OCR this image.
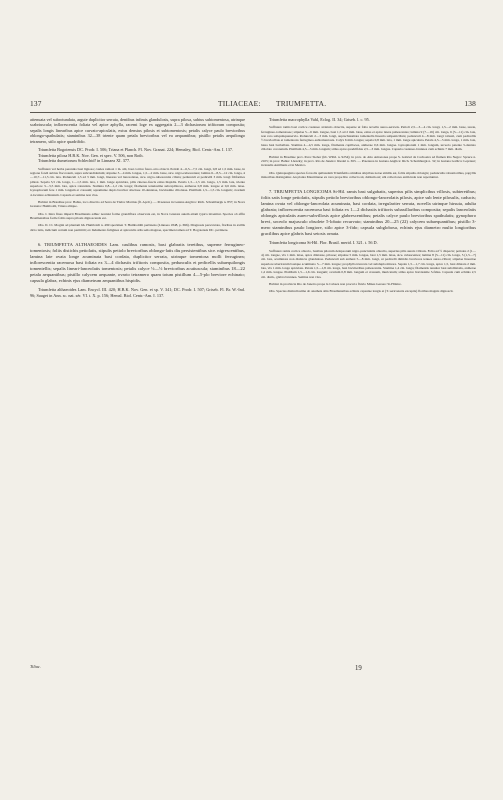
137	TILIACEAE: TRIUMFETTA.	138

attenuata vel subrotundata, argute duplicitor serrata, dentibus infimis glandulosis, supra pilosa, subtus subtomentosa, utrinque scabriuscula; inflorescentia foliata vel apice aphylla, racemi loge ex aggregatis 2—3 dichasiorum trifitorum composita; sepalis longis linearibus apice curvato-apiculatis, extus densius pilosis et subtomentosis; petalis calyce paulo brevioribus oblongo-spathulatis; staminibus 32—38 triente quam petala brevioribus vel ea aequantibus; pistillo petalis aequilongo tetramero, stilo apice quadrifido.

Triumfetta Bogotensis DC. Prodr. I. 506; Triana et Planch. Fl. Nov. Granat. 224; Hemsley, Biol. Centr.-Am. I. 137.

Triumfetta pilosa H.B.K. Nov. Gen. et spec. V. 506, non Roth.

Triumfetta dumetorum Schlechtd! in Linnaea XI. 377.

Suffrutex vel herba perennis basi lignosa; caules ramosi 1 m. alti, basi cortice fusco-atro obtecti. Petioli 4—6,5—7,5 cm. longi, 0,8 ad 1,5 mm. latae, in regione foreli subtus floccosum, supra subcandidarium; stipulae 3—4 mm. longae, 1,5—2 mm. latae, sice. nigro-rubescentes; lamina 6—8,5—12 cm. longa, 4—10,7—11,5 cm. lata. Pedunculi 1,5 ad 3 mm. longi, lineares vel lanceolatae, sice. nigro-rubescentia ciliata; pedunculi et pedicelli 3 mm. longi filiformes piliosi. Sepala 3,5 cm. longa, 1—1,5 mm. lata, 1 mm. longe apiculata, pilis cinereo-fuscis extus hispidis. Petala 1,3—1,5 cm. longa, 1,5 mm. lata, triente superiore 3—3,5 mm. lata, apice rotundata. Stamina 0,8—1,2 cm. longa; filamenta tenuissima subcapillacea, antherae 0,8 mm. longae et 0,6 mm. latae. Gynophorum fere 1 mm. longum et crassum; squamulae duplo breviter abscisae 10-dentatae, brevissime ciliolatae. Pistillum 1,3—1,5 cm. longum; ovarium 4-loculare echinatum. Capsula et semina non visa.

Habitat in Brasiliae prov. Bahia, loco directio ad Serra de Tiuba: Martius (fl. April.). — Praeterea in Guiana Anglica: Rich. Schomburgk n. 857; in Nova Granata: Humboldt, Triana aliique.

Obs. I. Intra fines imperii Brasiliensis adhuc nonnisi forma grandiflora observata est, in Nova Granata autem etiam typica invenitur. Species ob affin Brasiliensibus facile foliis supra pilosis dignoscenda est.

Obs. II. Cl. Mogini ad plantam hh. Humboldt n. 499 specimen T. Humboldtii pertinens (Linnaea 1848, p. 696). Diagnosis perscrutata, floribus in axillis dicto latis, indicium certum non permittit; ex Indumento fuliginea et spiraculis atlis setis magnae, specimen tamen ad T. Bogotensis DC. pertinere.

6. TRIUMFETTA ALTHAEOIDES Lam. caulibus ramosis, basi glabratis teretibus, superne ferrugineo-tomentosis; foliis distichis petiolatis, stipulis petiolo brevioribus oblongo-latis diu persistentibus sice. nigrescentibus, lamina late ovata longe acuminata basi cordata, duplicitor serrata, utrinque tomentosa molli ferruginea; inflorescentia racemosa basi foliata ex 3—4 dichasiis trifitoris composita, pedunculis et pedicellis subaequilongis tomentellis; sepalis lineari-lanceolatis tomentosis; petalis calyce ½—⅓ brevioribus acutiuscula; staminibus 18—22 petala aequantibus; pistillo calycem aequante, ovario tetramero quam totum pistillum 4—5-plo breviore echinato; capsula glabra, echinis ejus diametrum aequantibus hispidis.

Triumfetta althaeoides Lam. Encycl. III. 420; H.B.K. Nov. Gen. et sp. V. 341; DC. Prodr. I. 507; Griseb. Fl. Br. W.-Ind. 96; Sauget in Ann. sc. nat. sér. VI. t. X. p. 156; Hemsl. Biol. Centr.-Am. I. 137.

Triumfetta macrophylla Vahl, Eclog. II. 34; Griseb. l. c. 95.

Suffrutex ramis basi cortice castaneo striatulo obtectis, superne ut folia novella aureo-sericeis. Petioli 2,5—3—4 cm. longi, 1,5—2 mm. latae, terete, ferrugineo-tomentosae; stipulae 5—6 mm. longae, basi 1,5 ad 2 mm. latae, extus et apice latere pubescentes; lamina 9 (7—16) cm. longa, 6 (5—11) cm. lata, non raro subquinquenervia. Pedunculi 2—3 mm. longi, suprachiasmata tomentella linearia subpenicillata; pedunculi 4—8 mm. longi robusti, cum pedicellis ½ brevioribus et tomentosis ferrugineo-subtomentosis. Calyx 6 mm. longus; sepala 0,8 mm. lata, 1 mm. longe apiculata. Petala 4,5—5 mm. longa, 1 mm. lata, lutea basi barbellata. Stamina 4—4,5 mm. longa, filamenta capillacea, antherae 0,6 mm. longae. Gynophorum 1 mm. longum, urceolo patente 5-dentato ciliolato coronatum. Pistillum 4,5—5 mm. longum; stilus apice quadrifidus 2,5—3 mm. longus. Capsula castaneo-brunnea cum echinis 7 mm. diam.

Habitat in Brasiliae prov. Para: Sieber (hb. Willd. n. 9254); in prov. do Alto Amazonas prope S. Gabriel da Cachoeira ad flumen Rio Negro: Spruce n. 2105; in prov. Bahia: Lhotzky; in prov. Rio de Janeiro: Riedel n. 363. — Praeterea in Guiana Anglica: Rich. Schomburgk n. 32; in Guiana Gallica: Leprieur; in insulis Antillanis et in Mexico.

Obs. Quinquaginta species foveolis quibusdam Triumfettis omnibus stirpibus notae similis est, foliis stipulis oblongis; pedunculis robustioribus, papyllis minoribus distinguitur. An planta Mauritianae ex vera prope Rio collecta sit, dubium est; ubi collectores enim inde non reperiuntur.

7. TRIUMFETTA LONGICOMA St-Hil. ramis basi sulgabatis, superius pilis simplicibus villosis, subteretibus; foliis satis longe petiolatis, stipulis petiolo brevioribus oblongo-lanceolatis pilosis, apice sub lente pilosulis, caducis; lamina ovata vel oblongo-lanceolata acuminata, basi cordata, irregulariter serrata, novella utrinque hirsuta, adulta glabrata; inflorescentia racemosa basi foliata ex 1—2 dichasiis trifitoris subaxillaribus composita; sepalis lanceolatis oblongis apiculatis aureo-subvillosis apice glabrescentibus; petalis calyce paulo brevioribus spathulatis; gynophoro brevi, urceolo majusculo obsolete 5-lobato recurvato; staminibus 20—25 (22) calycem subaequantibus; pistillo 3-mero staminibus paulo longiore, stilo apice 3-fido; capsula subglobosa, echinis ejus diametro multo longioribus gracilibus apice glabris basi setosis ornata.

Triumfetta longicoma St-Hil. Flor. Brasil. merid. I. 321. t. 56 D.

Suffrutex ramis cortice obtecto, basibus pilorum delapsorum nigro-punctulatis obtectis, superius pilis aureis villosis. Folia ad ½ dispecta; petioles 2 (1—4) cm. longae, vix 1 mm. latae, apice dilatatae, pilosae; stipulae 5 mm. longae, basi 1,5 mm. latae, sice. rubescentes; lamina 8 (5—11) cm. longa, 5 (1,5—7) cm. lata, acuminata non distincte glandulosa. Pedunculi sub anthesi 5—8 mm. longi, ut pedicelli dimidio breviores tenues aureo-villosi; stipulae lineariae superiore ubertrarum basique acuminato 5—7 mm. longae; prophylla truncata vel subdupla minora. Sepala 1,5—1,7 cm. longa, apice 1,5, basi dilatata 2 mm. lata, vix 1 mm. longe apiculata. Petala 1,5—1,8 cm. longa, basi breviteribus pubescentia. Stamina 1,4 cm. longa; filamentis tenuiter basi subdilatatis, antherae 1,2 mm. longae. Pistillum 1,5—1,6 cm. longum; ovarium 0,8 mm. longum et crassum, muricatum; stilus apice brevissime 3-fidus. Capsula cum echinis 2,5 cm. diam., glabra brunnea. Semina non visa.

Habitat in provincia Rio de Janeiro prope la Cabeza non procul a fluvio Minas Geraes: St-Hilaire.

Obs. Species distinctissima ob anatheis aliis Brasiliensibus echinis capsulae longis et (T. sericanaris exceptis) floribus magnis dignoscit.

Tiliac.	19
